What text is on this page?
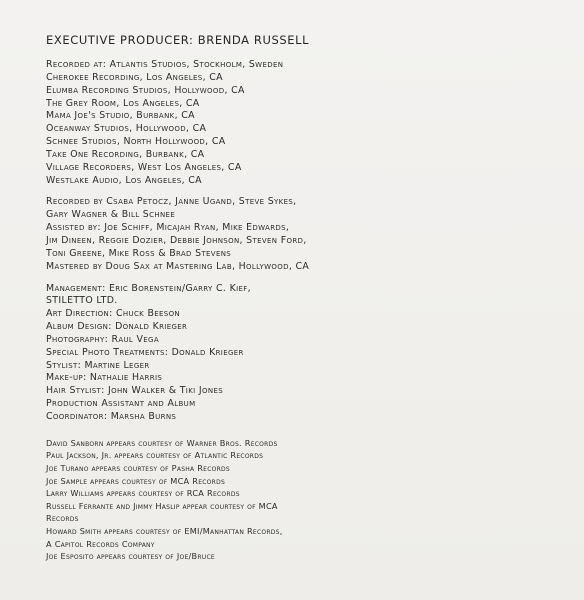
EXECUTIVE PRODUCER: BRENDA RUSSELL
Recorded at: Atlantis Studios, Stockholm, Sweden
Cherokee Recording, Los Angeles, CA
Elumba Recording Studios, Hollywood, CA
The Grey Room, Los Angeles, CA
Mama Joe's Studio, Burbank, CA
Oceanway Studios, Hollywood, CA
Schnee Studios, North Hollywood, CA
Take One Recording, Burbank, CA
Village Recorders, West Los Angeles, CA
Westlake Audio, Los Angeles, CA
Recorded by Csaba Petocz, Janne Ugand, Steve Sykes,
Gary Wagner & Bill Schnee
Assisted by: Joe Schiff, Micajah Ryan, Mike Edwards,
Jim Dineen, Reggie Dozier, Debbie Johnson, Steven Ford,
Toni Greene, Mike Ross & Brad Stevens
Mastered by Doug Sax at Mastering Lab, Hollywood, CA
Management: Eric Borenstein/Garry C. Kief,
STILETTO LTD.
Art Direction: Chuck Beeson
Album Design: Donald Krieger
Photography: Raul Vega
Special Photo Treatments: Donald Krieger
Stylist: Martine Leger
Make-up: Nathalie Harris
Hair Stylist: John Walker & Tiki Jones
Production Assistant and Album
Coordinator: Marsha Burns
David Sanborn appears courtesy of Warner Bros. Records
Paul Jackson, Jr. appears courtesy of Atlantic Records
Joe Turano appears courtesy of Pasha Records
Joe Sample appears courtesy of MCA Records
Larry Williams appears courtesy of RCA Records
Russell Ferrante and Jimmy Haslip appear courtesy of MCA
Records
Howard Smith appears courtesy of EMI/Manhattan Records,
A Capitol Records Company
Joe Esposito appears courtesy of Joe/Bruce
